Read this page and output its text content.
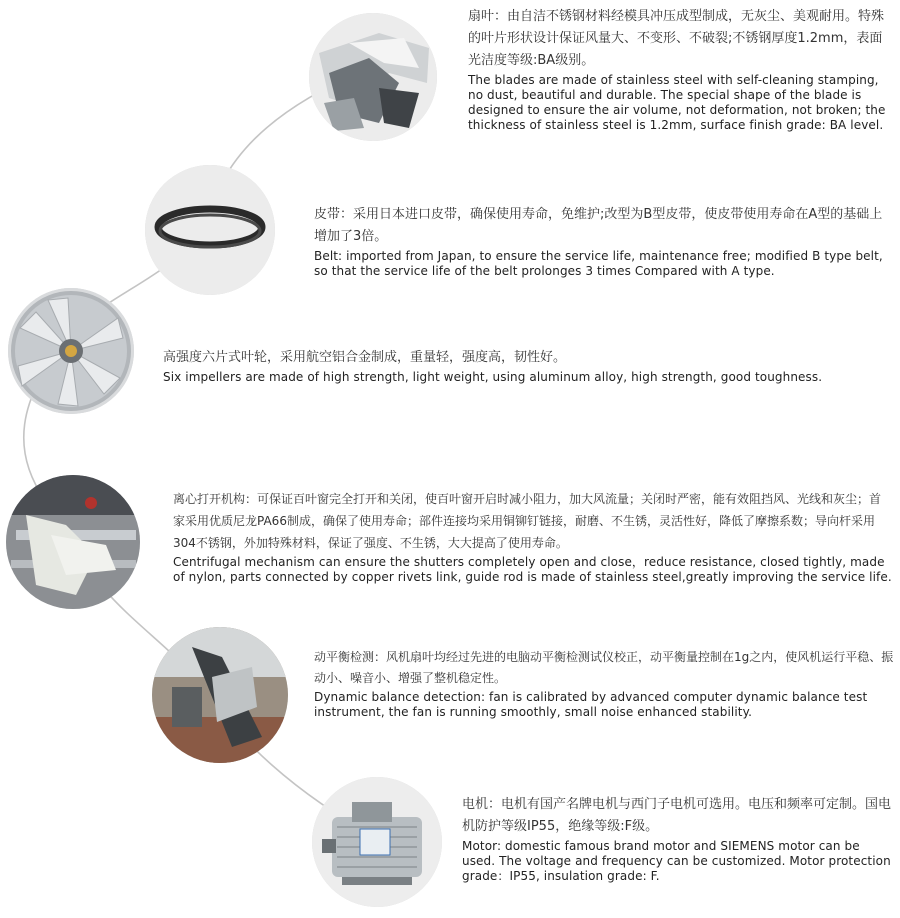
扇叶：由自洁不锈钢材料经模具冲压成型制成，无灰尘、美观耐用。特殊的叶片形状设计保证风量大、不变形、不破裂;不锈钢厚度1.2mm，表面光洁度等级:BA级别。

The blades are made of stainless steel with self-cleaning stamping, no dust, beautiful and durable. The special shape of the blade is designed to ensure the air volume, not deformation, not broken; the thickness of stainless steel is 1.2mm, surface finish grade: BA level.

皮带：采用日本进口皮带，确保使用寿命，免维护;改型为B型皮带，使皮带使用寿命在A型的基础上增加了3倍。

Belt: imported from Japan, to ensure the service life, maintenance free; modified B type belt, so that the service life of the belt prolonges 3 times Compared with A type.

高强度六片式叶轮，采用航空铝合金制成，重量轻，强度高，韧性好。

Six impellers are made of high strength, light weight, using aluminum alloy, high strength, good toughness.

离心打开机构：可保证百叶窗完全打开和关闭，使百叶窗开启时减小阻力，加大风流量；关闭时严密，能有效阻挡风、光线和灰尘；首家采用优质尼龙PA66制成，确保了使用寿命；部件连接均采用铜铆钉链接，耐磨、不生锈，灵活性好，降低了摩擦系数；导向杆采用304不锈钢，外加特殊材料，保证了强度、不生锈，大大提高了使用寿命。

Centrifugal mechanism can ensure the shutters completely open and close，reduce resistance, closed tightly, made of nylon, parts connected by copper rivets link, guide rod is made of stainless steel,greatly improving the service life.

动平衡检测：风机扇叶均经过先进的电脑动平衡检测试仪校正，动平衡量控制在1g之内，使风机运行平稳、振动小、噪音小、增强了整机稳定性。

Dynamic balance detection: fan is calibrated by advanced computer dynamic balance test instrument, the fan is running smoothly, small noise enhanced stability.

电机：电机有国产名牌电机与西门子电机可选用。电压和频率可定制。国电机防护等级IP55，绝缘等级:F级。

Motor: domestic famous brand motor and SIEMENS motor can be used. The voltage and frequency can be customized. Motor protection grade：IP55, insulation grade: F.
